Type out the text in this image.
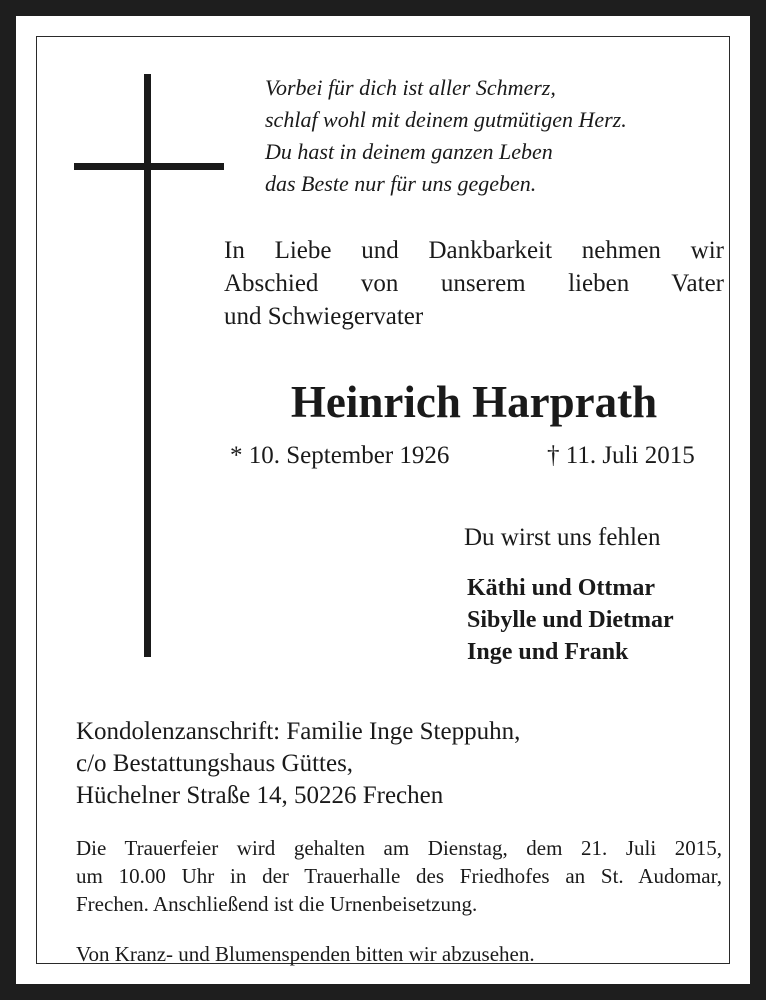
Vorbei für dich ist aller Schmerz,
schlaf wohl mit deinem gutmütigen Herz.
Du hast in deinem ganzen Leben
das Beste nur für uns gegeben.
In Liebe und Dankbarkeit nehmen wir
Abschied von unserem lieben Vater
und Schwiegervater
Heinrich Harprath
* 10. September 1926	† 11. Juli 2015
Du wirst uns fehlen
Käthi und Ottmar
Sibylle und Dietmar
Inge und Frank
Kondolenzanschrift: Familie Inge Steppuhn,
c/o Bestattungshaus Güttes,
Hüchelner Straße 14, 50226 Frechen
Die Trauerfeier wird gehalten am Dienstag, dem 21. Juli 2015,
um 10.00 Uhr in der Trauerhalle des Friedhofes an St. Audomar,
Frechen. Anschließend ist die Urnenbeisetzung.
Von Kranz- und Blumenspenden bitten wir abzusehen.
